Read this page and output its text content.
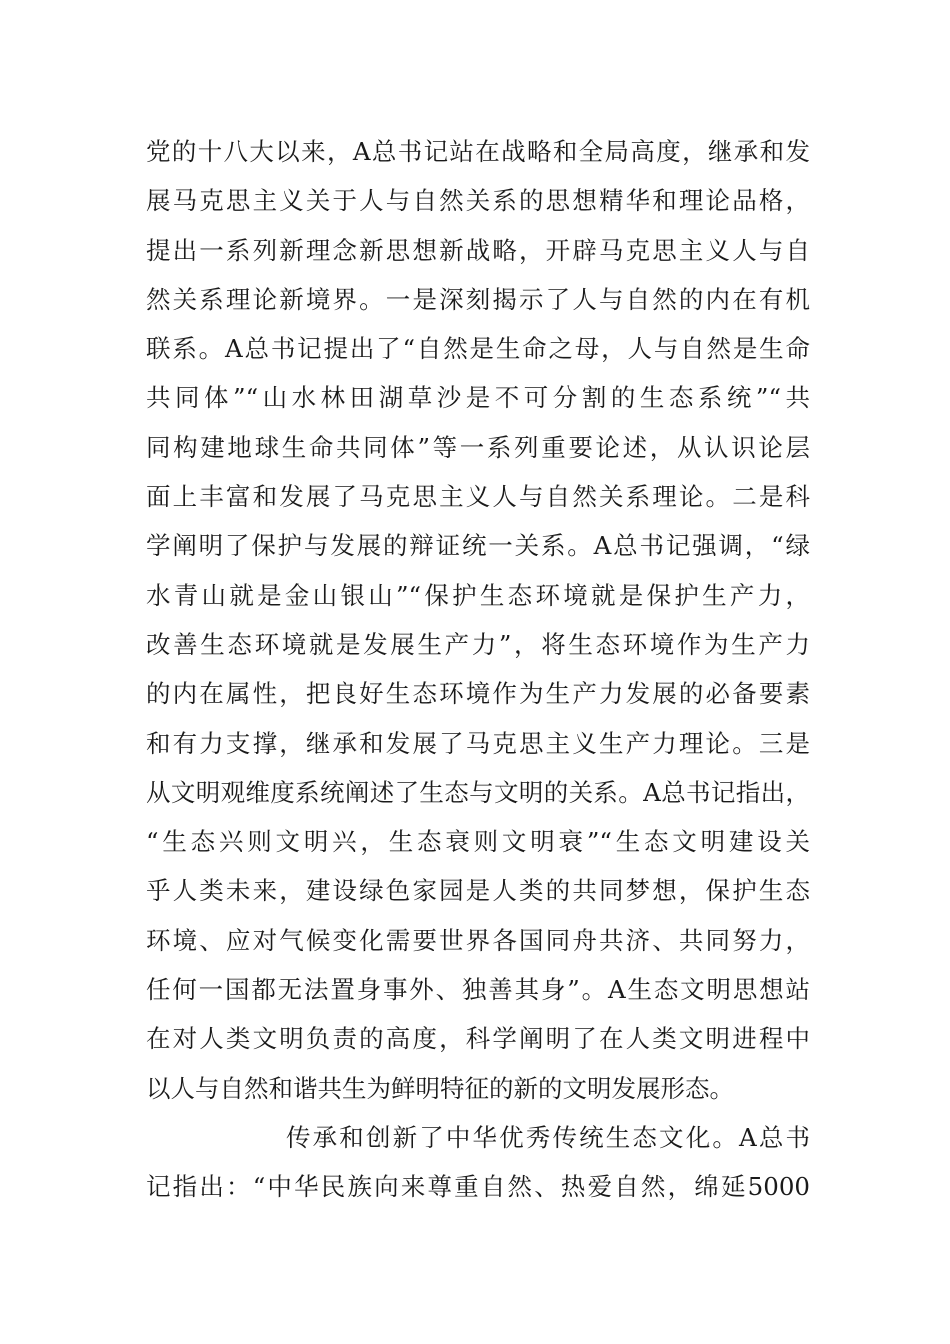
党的十八大以来，A总书记站在战略和全局高度，继承和发
展马克思主义关于人与自然关系的思想精华和理论品格，
提出一系列新理念新思想新战略，开辟马克思主义人与自
然关系理论新境界。一是深刻揭示了人与自然的内在有机
联系。A总书记提出了“自然是生命之母，人与自然是生命
共同体”“山水林田湖草沙是不可分割的生态系统”“共
同构建地球生命共同体”等一系列重要论述，从认识论层
面上丰富和发展了马克思主义人与自然关系理论。二是科
学阐明了保护与发展的辩证统一关系。A总书记强调，“绿
水青山就是金山银山”“保护生态环境就是保护生产力，
改善生态环境就是发展生产力”，将生态环境作为生产力
的内在属性，把良好生态环境作为生产力发展的必备要素
和有力支撑，继承和发展了马克思主义生产力理论。三是
从文明观维度系统阐述了生态与文明的关系。A总书记指出，
“生态兴则文明兴，生态衰则文明衰”“生态文明建设关
乎人类未来，建设绿色家园是人类的共同梦想，保护生态
环境、应对气候变化需要世界各国同舟共济、共同努力，
任何一国都无法置身事外、独善其身”。A生态文明思想站
在对人类文明负责的高度，科学阐明了在人类文明进程中
以人与自然和谐共生为鲜明特征的新的文明发展形态。
传承和创新了中华优秀传统生态文化。A总书
记指出：“中华民族向来尊重自然、热爱自然，绵延5000
